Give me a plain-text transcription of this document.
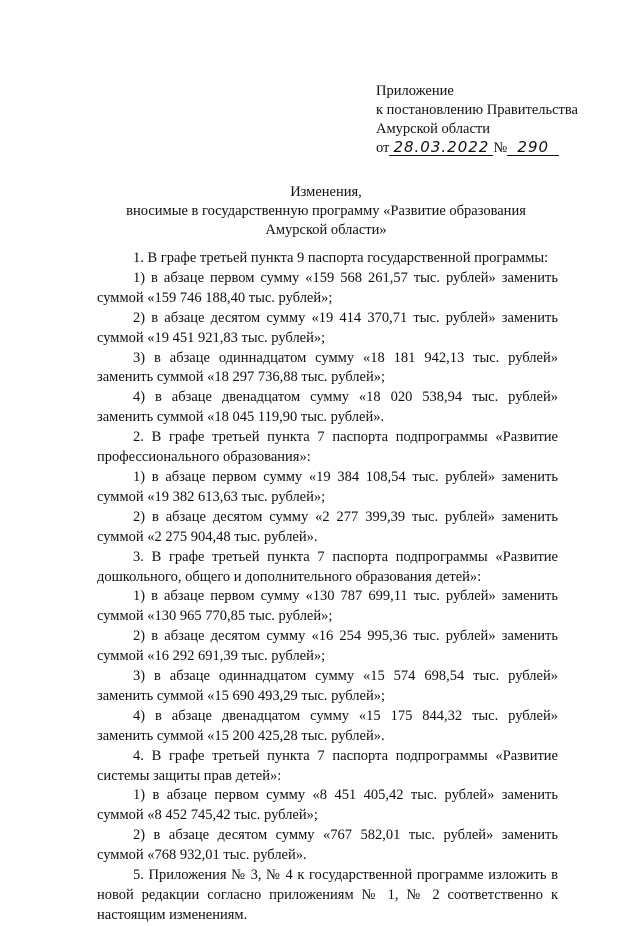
Приложение
к постановлению Правительства
Амурской области
от 28.03.2022 № 290
Изменения,
вносимые в государственную программу «Развитие образования
Амурской области»

1. В графе третьей пункта 9 паспорта государственной программы:

1) в абзаце первом сумму «159 568 261,57 тыс. рублей» заменить суммой «159 746 188,40 тыс. рублей»;

2) в абзаце десятом сумму «19 414 370,71 тыс. рублей» заменить суммой «19 451 921,83 тыс. рублей»;

3) в абзаце одиннадцатом сумму «18 181 942,13 тыс. рублей» заменить суммой «18 297 736,88 тыс. рублей»;

4) в абзаце двенадцатом сумму «18 020 538,94 тыс. рублей» заменить суммой «18 045 119,90 тыс. рублей».

2. В графе третьей пункта 7 паспорта подпрограммы «Развитие профессионального образования»:

1) в абзаце первом сумму «19 384 108,54 тыс. рублей» заменить суммой «19 382 613,63 тыс. рублей»;

2) в абзаце десятом сумму «2 277 399,39 тыс. рублей» заменить суммой «2 275 904,48 тыс. рублей».

3. В графе третьей пункта 7 паспорта подпрограммы «Развитие дошкольного, общего и дополнительного образования детей»:

1) в абзаце первом сумму «130 787 699,11 тыс. рублей» заменить суммой «130 965 770,85 тыс. рублей»;

2) в абзаце десятом сумму «16 254 995,36 тыс. рублей» заменить суммой «16 292 691,39 тыс. рублей»;

3) в абзаце одиннадцатом сумму «15 574 698,54 тыс. рублей» заменить суммой «15 690 493,29 тыс. рублей»;

4) в абзаце двенадцатом сумму «15 175 844,32 тыс. рублей» заменить суммой «15 200 425,28 тыс. рублей».

4. В графе третьей пункта 7 паспорта подпрограммы «Развитие системы защиты прав детей»:

1) в абзаце первом сумму «8 451 405,42 тыс. рублей» заменить суммой «8 452 745,42 тыс. рублей»;

2) в абзаце десятом сумму «767 582,01 тыс. рублей» заменить суммой «768 932,01 тыс. рублей».

5. Приложения № 3, № 4 к государственной программе изложить в новой редакции согласно приложениям № 1, № 2 соответственно к настоящим изменениям.
